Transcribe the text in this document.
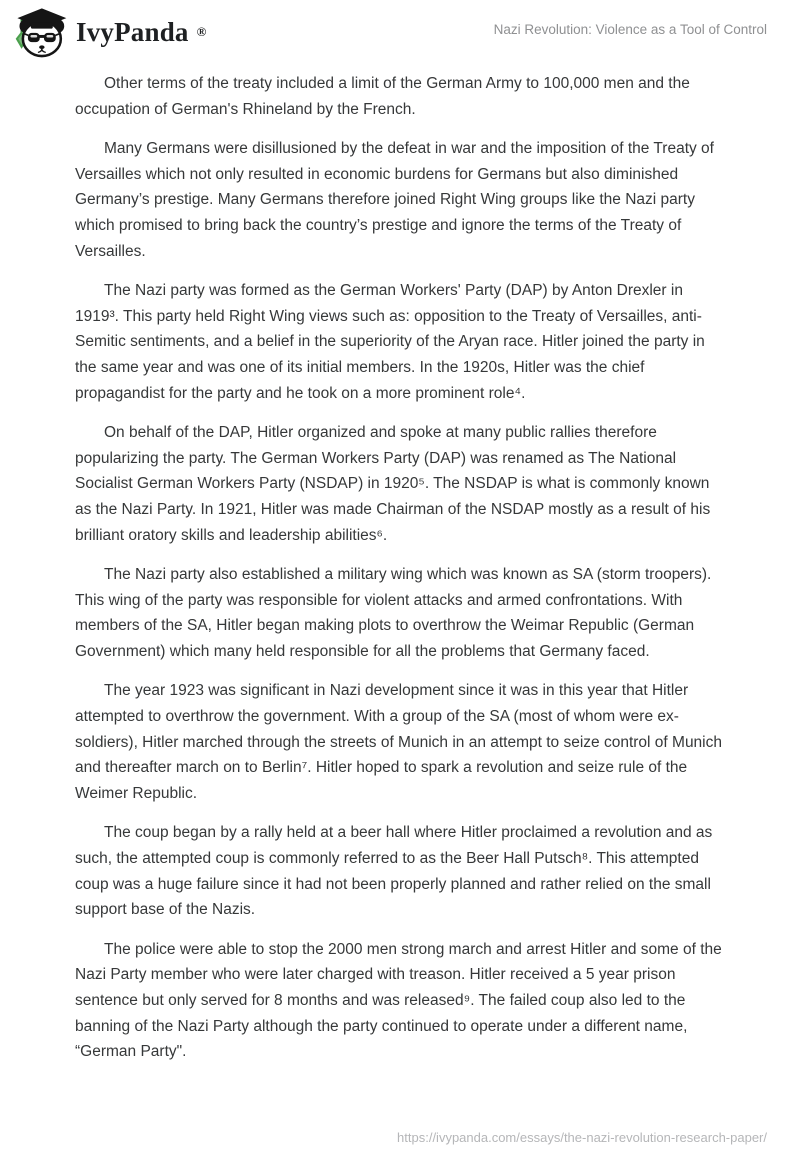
IvyPanda ®	Nazi Revolution: Violence as a Tool of Control

Other terms of the treaty included a limit of the German Army to 100,000 men and the occupation of German's Rhineland by the French.

Many Germans were disillusioned by the defeat in war and the imposition of the Treaty of Versailles which not only resulted in economic burdens for Germans but also diminished Germany’s prestige. Many Germans therefore joined Right Wing groups like the Nazi party which promised to bring back the country’s prestige and ignore the terms of the Treaty of Versailles.

The Nazi party was formed as the German Workers' Party (DAP) by Anton Drexler in 1919³. This party held Right Wing views such as: opposition to the Treaty of Versailles, anti-Semitic sentiments, and a belief in the superiority of the Aryan race. Hitler joined the party in the same year and was one of its initial members. In the 1920s, Hitler was the chief propagandist for the party and he took on a more prominent role⁴.

On behalf of the DAP, Hitler organized and spoke at many public rallies therefore popularizing the party. The German Workers Party (DAP) was renamed as The National Socialist German Workers Party (NSDAP) in 1920⁵. The NSDAP is what is commonly known as the Nazi Party. In 1921, Hitler was made Chairman of the NSDAP mostly as a result of his brilliant oratory skills and leadership abilities⁶.

The Nazi party also established a military wing which was known as SA (storm troopers). This wing of the party was responsible for violent attacks and armed confrontations. With members of the SA, Hitler began making plots to overthrow the Weimar Republic (German Government) which many held responsible for all the problems that Germany faced.

The year 1923 was significant in Nazi development since it was in this year that Hitler attempted to overthrow the government. With a group of the SA (most of whom were ex-soldiers), Hitler marched through the streets of Munich in an attempt to seize control of Munich and thereafter march on to Berlin⁷. Hitler hoped to spark a revolution and seize rule of the Weimer Republic.

The coup began by a rally held at a beer hall where Hitler proclaimed a revolution and as such, the attempted coup is commonly referred to as the Beer Hall Putsch⁸. This attempted coup was a huge failure since it had not been properly planned and rather relied on the small support base of the Nazis.

The police were able to stop the 2000 men strong march and arrest Hitler and some of the Nazi Party member who were later charged with treason. Hitler received a 5 year prison sentence but only served for 8 months and was released⁹. The failed coup also led to the banning of the Nazi Party although the party continued to operate under a different name, “German Party".

https://ivypanda.com/essays/the-nazi-revolution-research-paper/
